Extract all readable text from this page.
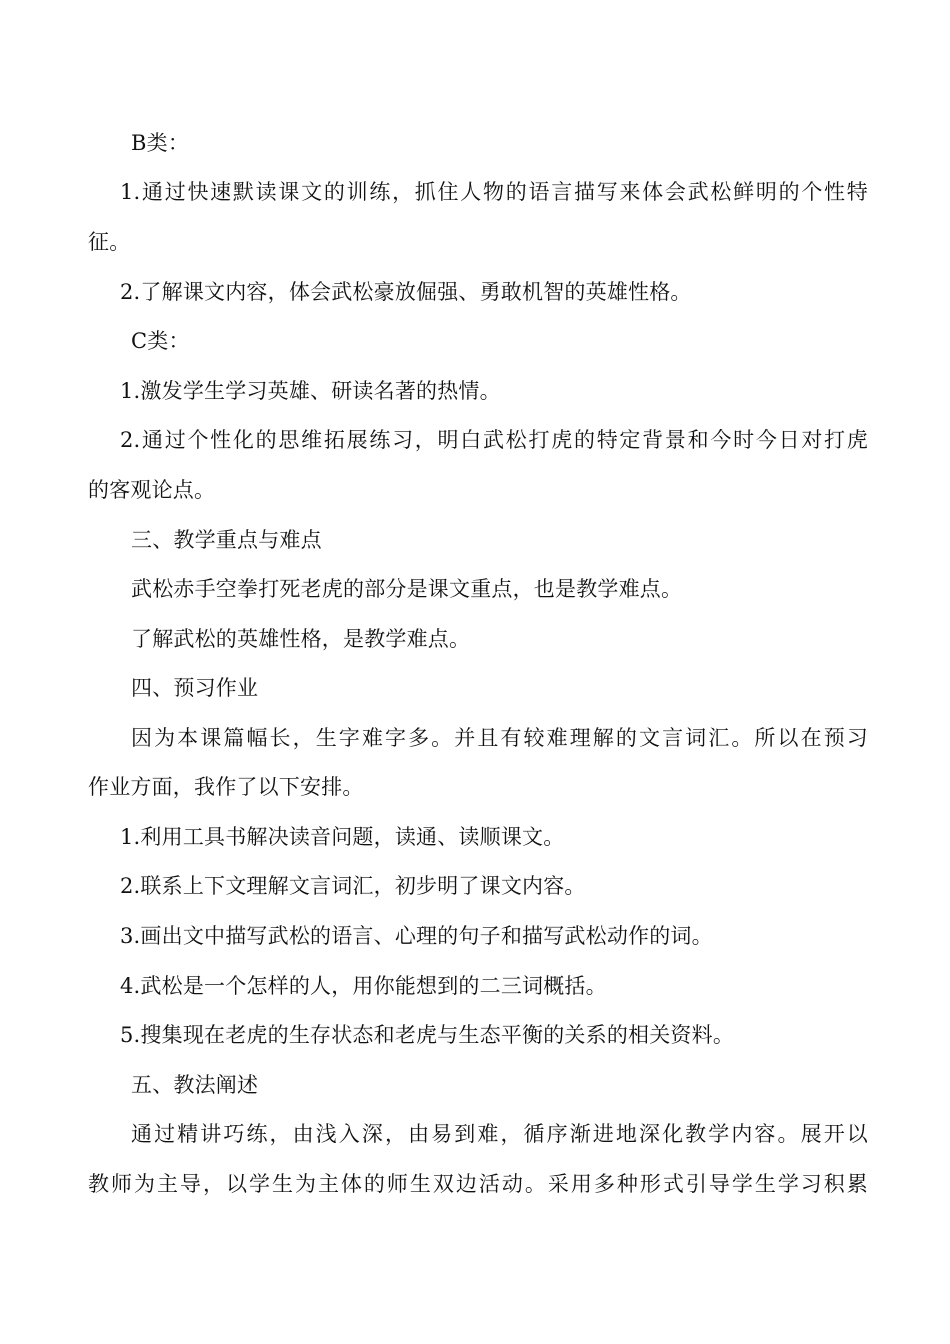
B类：
1.通过快速默读课文的训练，抓住人物的语言描写来体会武松鲜明的个性特
征。
2.了解课文内容，体会武松豪放倔强、勇敢机智的英雄性格。
C类：
1.激发学生学习英雄、研读名著的热情。
2.通过个性化的思维拓展练习，明白武松打虎的特定背景和今时今日对打虎
的客观论点。
三、教学重点与难点
武松赤手空拳打死老虎的部分是课文重点，也是教学难点。
了解武松的英雄性格，是教学难点。
四、预习作业
因为本课篇幅长，生字难字多。并且有较难理解的文言词汇。所以在预习
作业方面，我作了以下安排。
1.利用工具书解决读音问题，读通、读顺课文。
2.联系上下文理解文言词汇，初步明了课文内容。
3.画出文中描写武松的语言、心理的句子和描写武松动作的词。
4.武松是一个怎样的人，用你能想到的二三词概括。
5.搜集现在老虎的生存状态和老虎与生态平衡的关系的相关资料。
五、教法阐述
通过精讲巧练，由浅入深，由易到难，循序渐进地深化教学内容。展开以
教师为主导，以学生为主体的师生双边活动。采用多种形式引导学生学习积累
